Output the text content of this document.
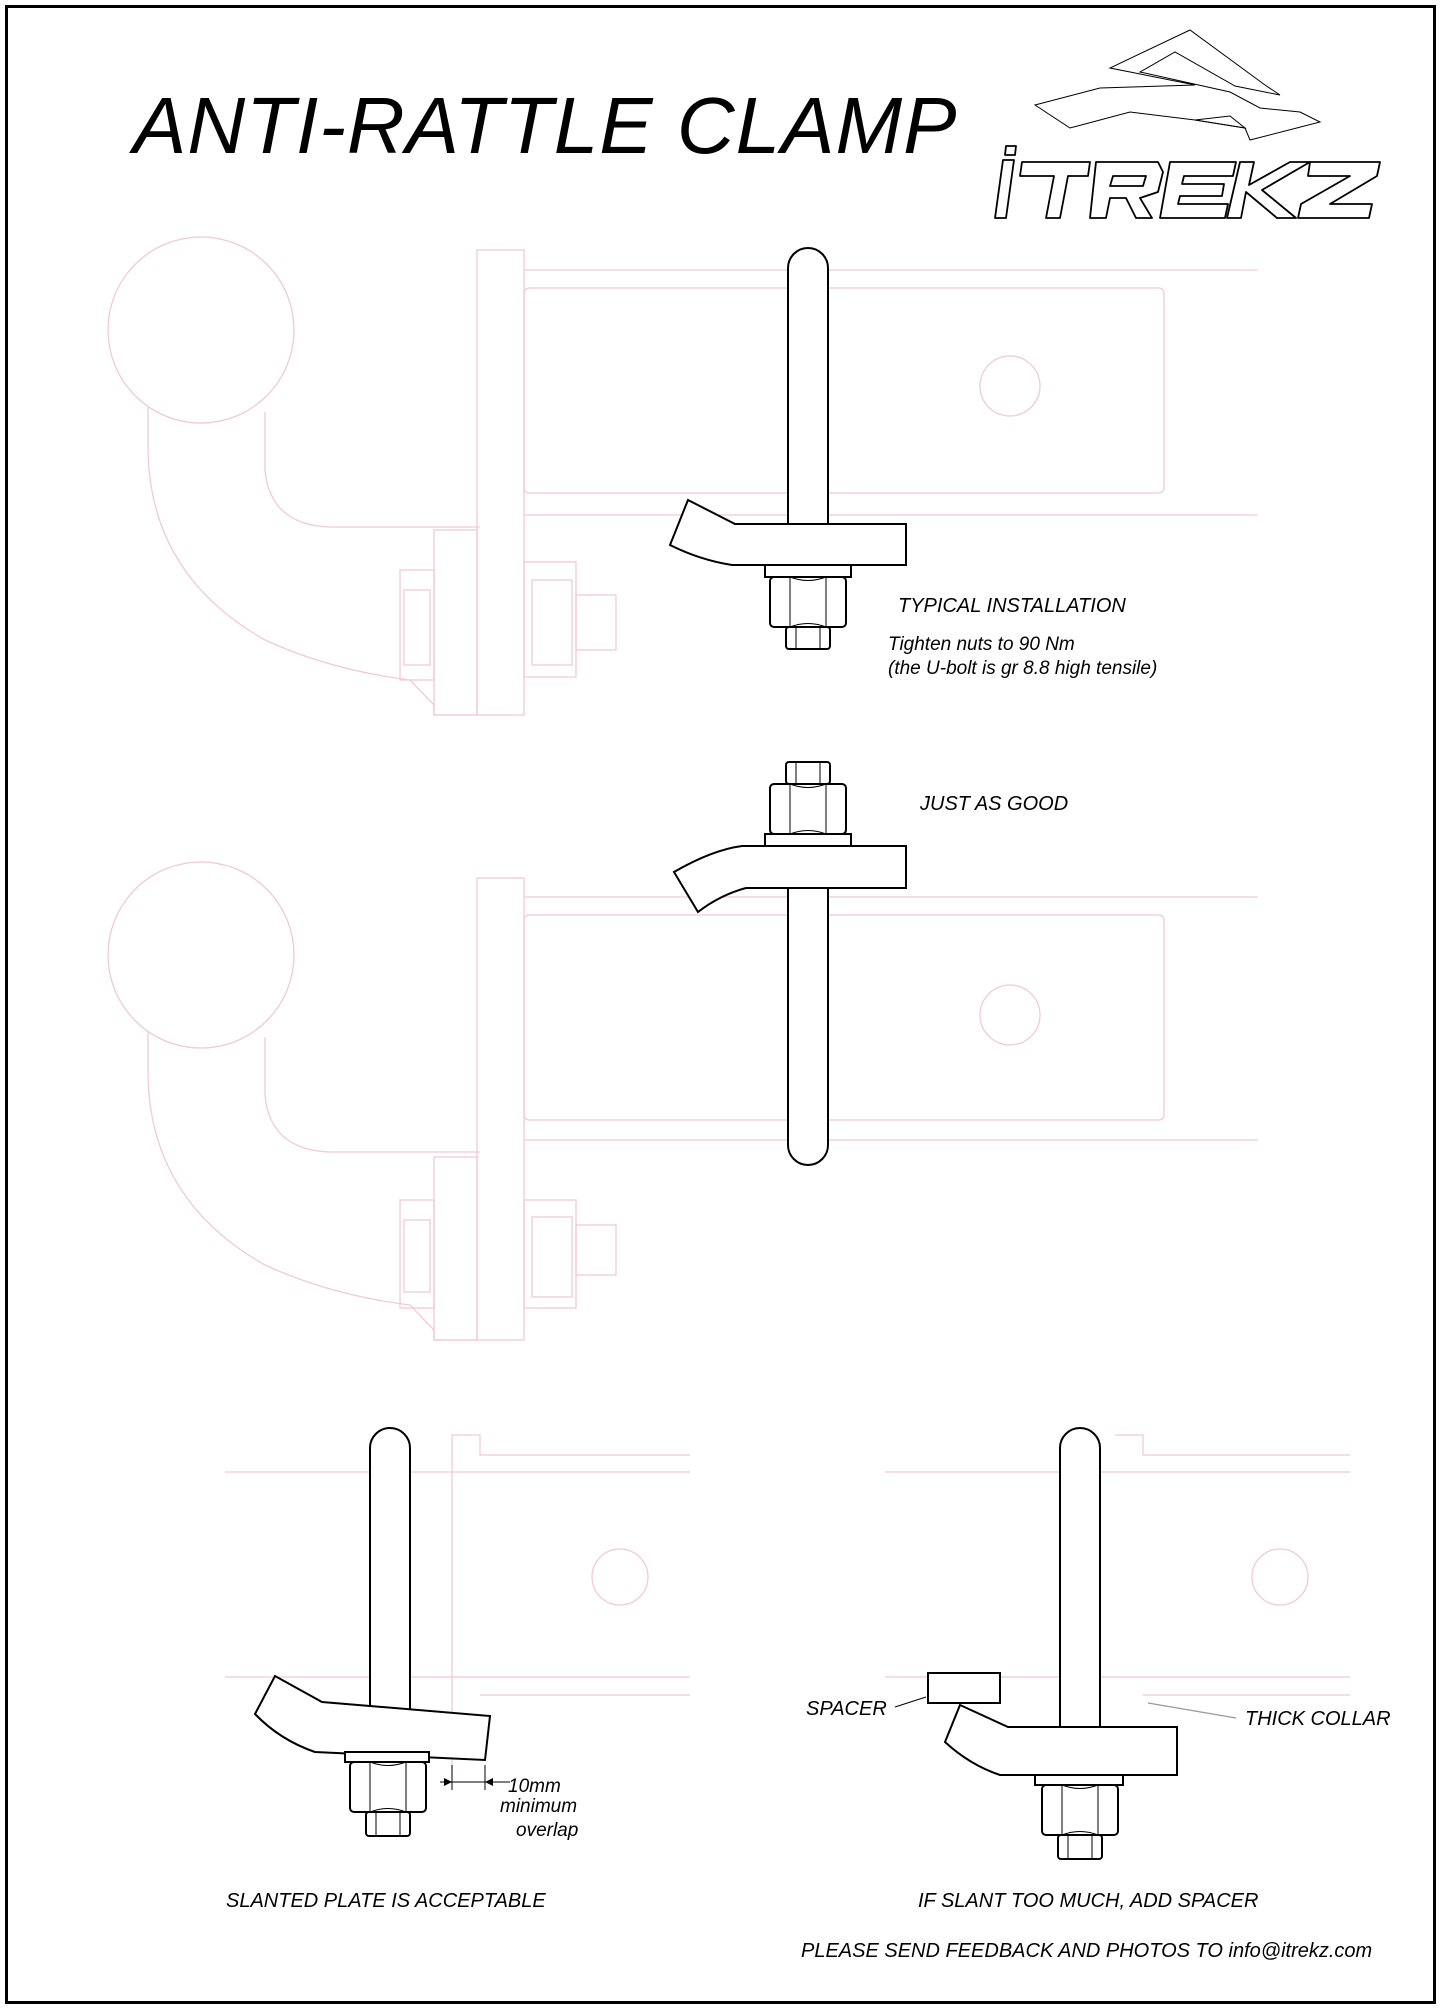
ANTI-RATTLE CLAMP
TYPICAL INSTALLATION
Tighten nuts to 90 Nm
(the U-bolt is gr 8.8 high tensile)
JUST AS GOOD
10mm
minimum
overlap
SPACER	THICK COLLAR
SLANTED PLATE IS ACCEPTABLE	IF SLANT TOO MUCH, ADD SPACER
PLEASE SEND FEEDBACK AND PHOTOS TO info@itrekz.com
